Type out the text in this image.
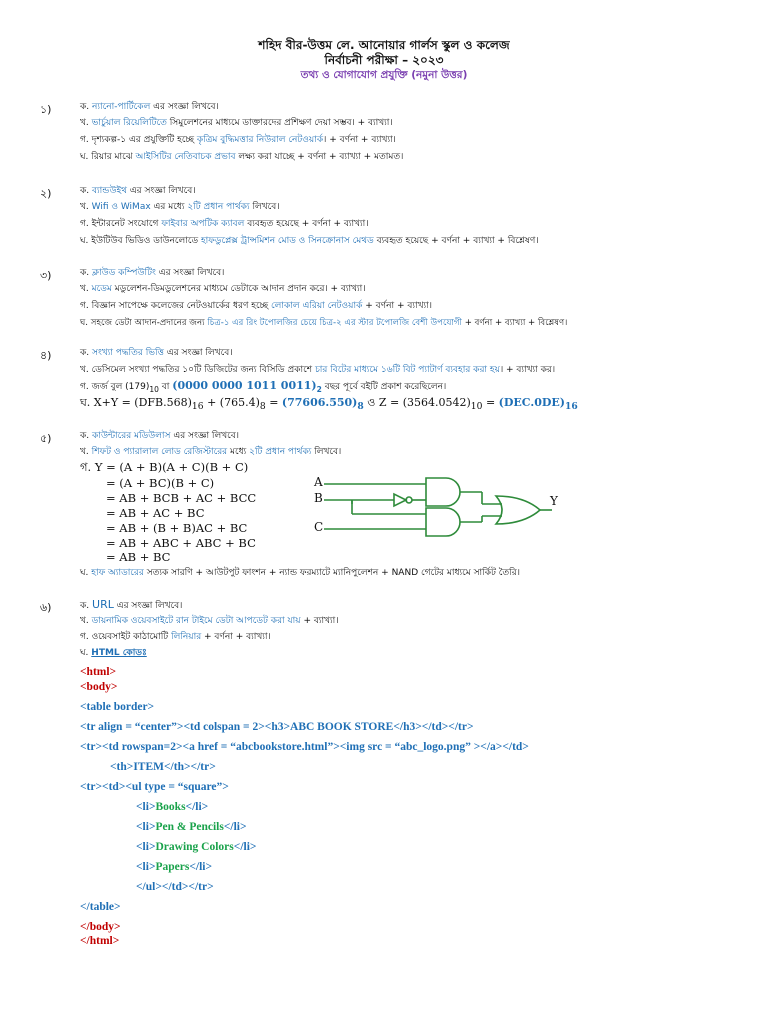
শহিদ বীর-উত্তম লে. আনোয়ার গার্লস স্কুল ও কলেজ
নির্বাচনী পরীক্ষা – ২০২৩
তথ্য ও যোগাযোগ প্রযুক্তি (নমুনা উত্তর)
১)	ক. ন্যানো-পার্টিকেল এর সংজ্ঞা লিখবে।
খ. ভার্চুয়াল রিয়েলিটিতে সিমুলেশনের মাধ্যমে ডাক্তারদের প্রশিক্ষণ দেয়া সম্ভব। + ব্যাখ্যা।
গ. দৃশ্যকল্প-১ এর প্রযুক্তিটি হচ্ছে কৃত্রিম বুদ্ধিমত্তার নিউরাল নেটওয়ার্ক। + বর্ণনা + ব্যাখ্যা।
ঘ. রিয়ার মাঝে আইসিটির নেতিবাচক প্রভাব লক্ষ্য করা যাচ্ছে + বর্ণনা + ব্যাখ্যা + মতামত।
২)	ক. ব্যান্ডউইথ এর সংজ্ঞা লিখবে।
খ. Wifi ও WiMax এর মধ্যে ২টি প্রধান পার্থক্য লিখবে।
গ. ইন্টারনেট সংযোগে ফাইবার অপটিক ক্যাবল ব্যবহৃত হয়েছে + বর্ণনা + ব্যাখ্যা।
ঘ. ইউটিউব ভিডিও ডাউনলোডে হাফডুপ্লেক্স ট্রান্সমিশন মোড ও সিনক্রোনাস মেথড ব্যবহৃত হয়েছে + বর্ণনা + ব্যাখ্যা + বিশ্লেষণ।
৩)	ক. ক্লাউড কম্পিউটিং এর সংজ্ঞা লিখবে।
খ. মডেম মডুলেশন-ডিমডুলেশনের মাধ্যমে ডেটাকে আদান প্রদান করে। + ব্যাখ্যা।
গ. বিজ্ঞান সাপেক্ষে কলেজের নেটওয়ার্কের ধরণ হচ্ছে লোকাল এরিয়া নেটওয়ার্ক + বর্ণনা + ব্যাখ্যা।
ঘ. সহজে ডেটা আদান-প্রদানের জন্য চিত্র-১ এর রিং টপোলজির চেয়ে চিত্র-২ এর স্টার টপোলজি বেশী উপযোগী + বর্ণনা + ব্যাখ্যা + বিশ্লেষণ।
৪)	ক. সংখ্যা পদ্ধতির ভিত্তি এর সংজ্ঞা লিখবে।
খ. ডেসিমেল সংখ্যা পদ্ধতির ১০টি ডিজিটের জন্য বিসিডি প্রকাশে চার বিটের মাধ্যমে ১৬টি বিট প্যাটার্ণ ব্যবহার করা হয়। + ব্যাখ্যা কর।
গ. জর্জ বুল $(179)_{10}$ বা (0000 0000 1011 $0011)_2$ বছর পূর্বে বইটি প্রকাশ করেছিলেন।
ঘ. $X+Y = (DFB.568)_{16} + (765.4)_8 = (77606.550)_8$ ও $Z = (3564.0542)_{10} = (DEC.0DE)_{16}$
৫)	ক. কাউন্টারের মডিউলাস এর সংজ্ঞা লিখবে।
খ. শিফট ও প্যারালাল লোড রেজিস্টারের মধ্যে ২টি প্রধান পার্থক্য লিখবে।
গ. Y = (A + B)(A + C)(B + C)
= (A + BC)(B + C)
= AB + BCB + AC + BCC
= AB + AC + BC
= AB + (B + B)AC + BC
= AB + ABC + ABC + BC
= AB + BC
A
B
C
Y
ঘ. হাফ অ্যাডারের সত্যক সারণি + আউটপুট ফাংশন + ন্যান্ড ফরম্যাটে ম্যানিপুলেশন + NAND গেটের মাধ্যমে সার্কিট তৈরি।
৬)	ক. URL এর সংজ্ঞা লিখবে।
খ. ডায়নামিক ওয়েবসাইটে রান টাইমে ডেটা আপডেট করা যায় + ব্যাখ্যা।
গ. ওয়েবসাইট কাঠামোটি লিনিয়ার + বর্ণনা + ব্যাখ্যা।
ঘ. HTML কোডঃ
<html>
<body>
<table border>
<tr align = “center”><td colspan = 2><h3>ABC BOOK STORE</h3></td></tr>
<tr><td rowspan=2><a href = “abcbookstore.html”><img src = “abc_logo.png” ></a></td>
<th>ITEM</th></tr>
<tr><td><ul type = “square”>
<li>Books</li>
<li>Pen & Pencils</li>
<li>Drawing Colors</li>
<li>Papers</li>
</ul></td></tr>
</table>
</body>
</html>
